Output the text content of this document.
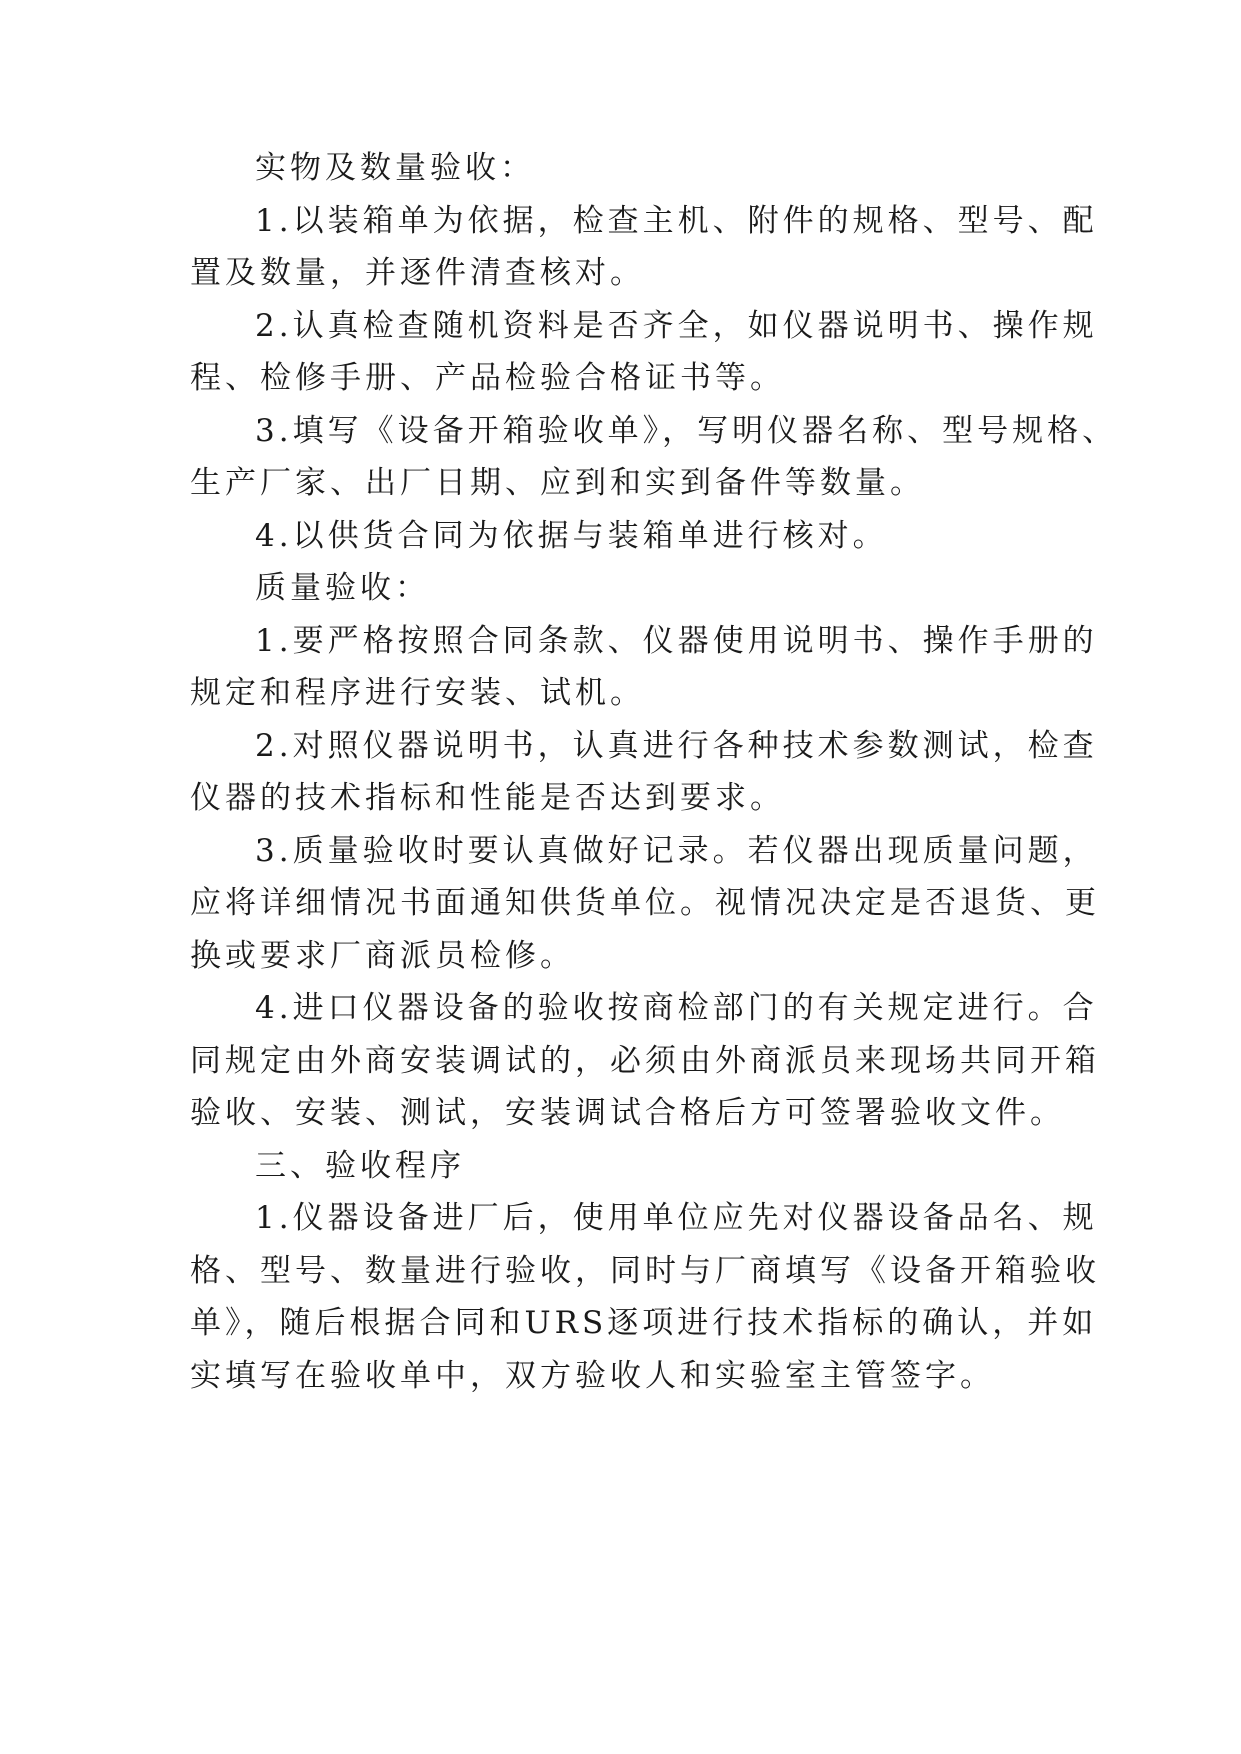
实物及数量验收：
1.以装箱单为依据，检查主机、附件的规格、型号、配
置及数量，并逐件清查核对。
2.认真检查随机资料是否齐全，如仪器说明书、操作规
程、检修手册、产品检验合格证书等。
3.填写《设备开箱验收单》，写明仪器名称、型号规格、
生产厂家、出厂日期、应到和实到备件等数量。
4.以供货合同为依据与装箱单进行核对。
质量验收：
1.要严格按照合同条款、仪器使用说明书、操作手册的
规定和程序进行安装、试机。
2.对照仪器说明书，认真进行各种技术参数测试，检查
仪器的技术指标和性能是否达到要求。
3.质量验收时要认真做好记录。若仪器出现质量问题，
应将详细情况书面通知供货单位。视情况决定是否退货、更
换或要求厂商派员检修。
4.进口仪器设备的验收按商检部门的有关规定进行。合
同规定由外商安装调试的，必须由外商派员来现场共同开箱
验收、安装、测试，安装调试合格后方可签署验收文件。
三、验收程序
1.仪器设备进厂后，使用单位应先对仪器设备品名、规
格、型号、数量进行验收，同时与厂商填写《设备开箱验收
单》，随后根据合同和URS逐项进行技术指标的确认，并如
实填写在验收单中，双方验收人和实验室主管签字。
